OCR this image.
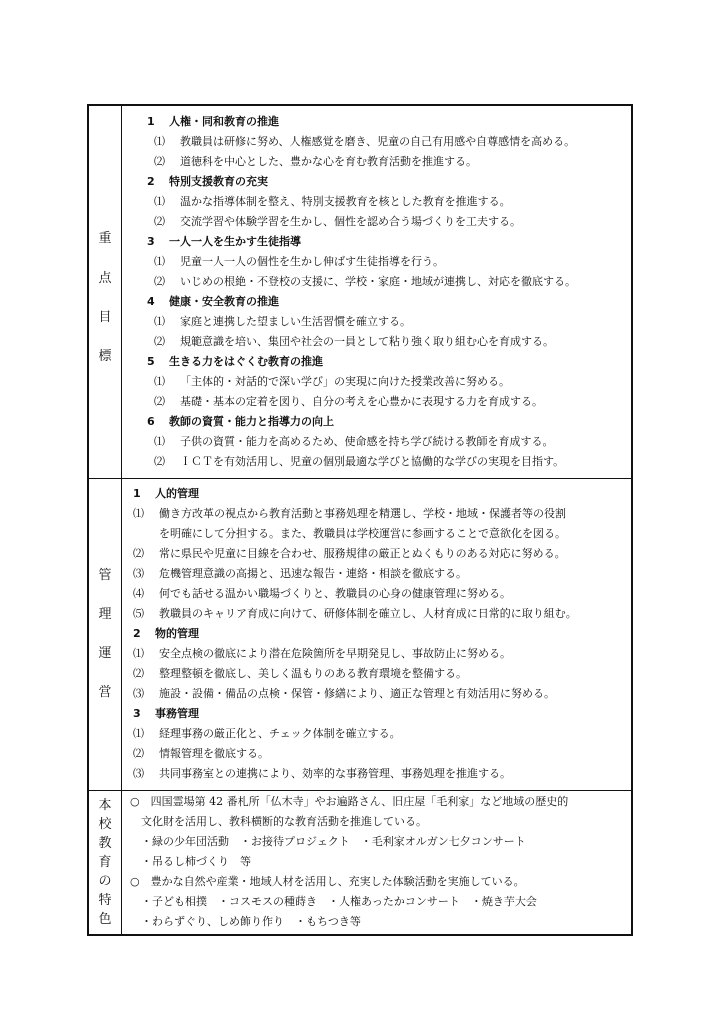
重
点
目
標
1 人権・同和教育の推進
⑴ 教職員は研修に努め、人権感覚を磨き、児童の自己有用感や自尊感情を高める。
⑵ 道徳科を中心とした、豊かな心を育む教育活動を推進する。
2 特別支援教育の充実
⑴ 温かな指導体制を整え、特別支援教育を核とした教育を推進する。
⑵ 交流学習や体験学習を生かし、個性を認め合う場づくりを工夫する。
3 一人一人を生かす生徒指導
⑴ 児童一人一人の個性を生かし伸ばす生徒指導を行う。
⑵ いじめの根絶・不登校の支援に、学校・家庭・地域が連携し、対応を徹底する。
4 健康・安全教育の推進
⑴ 家庭と連携した望ましい生活習慣を確立する。
⑵ 規範意識を培い、集団や社会の一員として粘り強く取り組む心を育成する。
5 生きる力をはぐくむ教育の推進
⑴ 「主体的・対話的で深い学び」の実現に向けた授業改善に努める。
⑵ 基礎・基本の定着を図り、自分の考えを心豊かに表現する力を育成する。
6 教師の資質・能力と指導力の向上
⑴ 子供の資質・能力を高めるため、使命感を持ち学び続ける教師を育成する。
⑵ ＩＣＴを有効活用し、児童の個別最適な学びと協働的な学びの実現を目指す。
管
理
運
営
1 人的管理
⑴ 働き方改革の視点から教育活動と事務処理を精選し、学校・地域・保護者等の役割
を明確にして分担する。また、教職員は学校運営に参画することで意欲化を図る。
⑵ 常に県民や児童に目線を合わせ、服務規律の厳正とぬくもりのある対応に努める。
⑶ 危機管理意識の高揚と、迅速な報告・連絡・相談を徹底する。
⑷ 何でも話せる温かい職場づくりと、教職員の心身の健康管理に努める。
⑸ 教職員のキャリア育成に向けて、研修体制を確立し、人材育成に日常的に取り組む。
2 物的管理
⑴ 安全点検の徹底により潜在危険箇所を早期発見し、事故防止に努める。
⑵ 整理整頓を徹底し、美しく温もりのある教育環境を整備する。
⑶ 施設・設備・備品の点検・保管・修繕により、適正な管理と有効活用に努める。
3 事務管理
⑴ 経理事務の厳正化と、チェック体制を確立する。
⑵ 情報管理を徹底する。
⑶ 共同事務室との連携により、効率的な事務管理、事務処理を推進する。
本
校
教
育
の
特
色
○　四国霊場第 42 番札所「仏木寺」やお遍路さん、旧庄屋「毛利家」など地域の歴史的
　文化財を活用し、教科横断的な教育活動を推進している。
　・緑の少年団活動　・お接待プロジェクト　・毛利家オルガン七夕コンサート
　・吊るし柿づくり　等
○　豊かな自然や産業・地域人材を活用し、充実した体験活動を実施している。
　・子ども相撲　・コスモスの種蒔き　・人権あったかコンサート　・焼き芋大会
　・わらずぐり、しめ飾り作り　・もちつき等
